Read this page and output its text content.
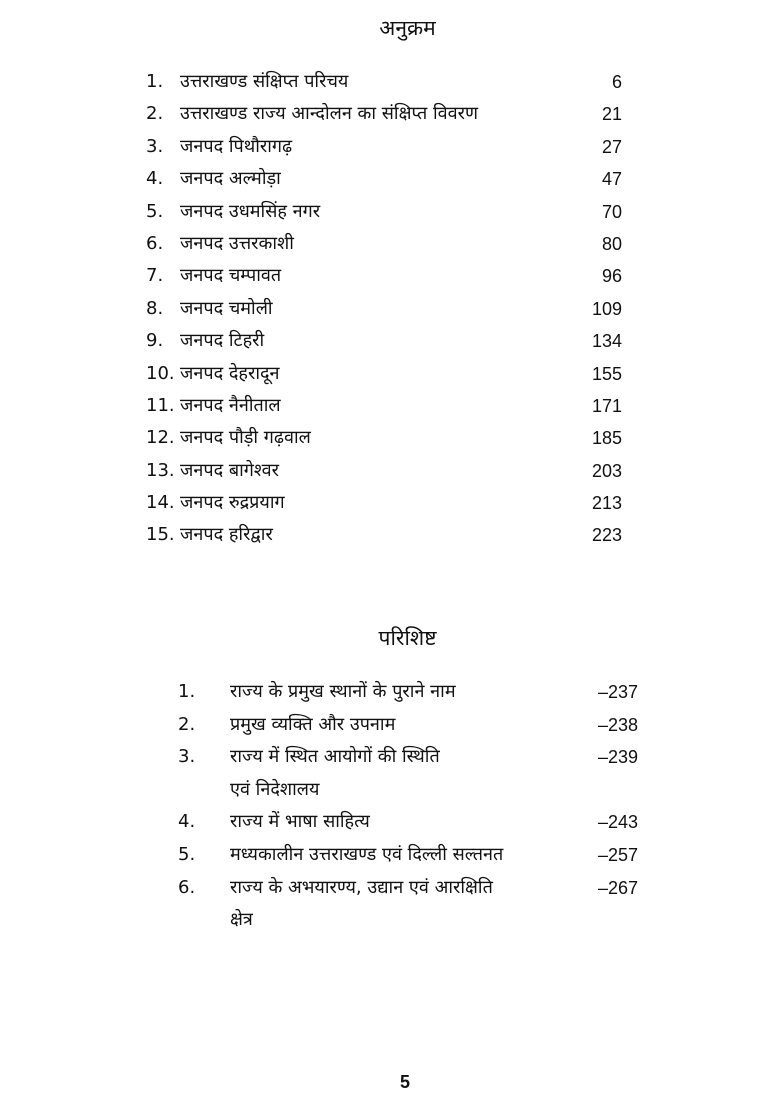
अनुक्रम
1. उत्तराखण्ड संक्षिप्त परिचय	6
2. उत्तराखण्ड राज्य आन्दोलन का संक्षिप्त विवरण	21
3. जनपद पिथौरागढ़	27
4. जनपद अल्मोड़ा	47
5. जनपद उधमसिंह नगर	70
6. जनपद उत्तरकाशी	80
7. जनपद चम्पावत	96
8. जनपद चमोली	109
9. जनपद टिहरी	134
10. जनपद देहरादून	155
11. जनपद नैनीताल	171
12. जनपद पौड़ी गढ़वाल	185
13. जनपद बागेश्वर	203
14. जनपद रुद्रप्रयाग	213
15. जनपद हरिद्वार	223
परिशिष्ट
1. राज्य के प्रमुख स्थानों के पुराने नाम	–237
2. प्रमुख व्यक्ति और उपनाम	–238
3. राज्य में स्थित आयोगों की स्थिति	–239
एवं निदेशालय
4. राज्य में भाषा साहित्य	–243
5. मध्यकालीन उत्तराखण्ड एवं दिल्ली सल्तनत	–257
6. राज्य के अभयारण्य, उद्यान एवं आरक्षिति	–267
क्षेत्र
5
